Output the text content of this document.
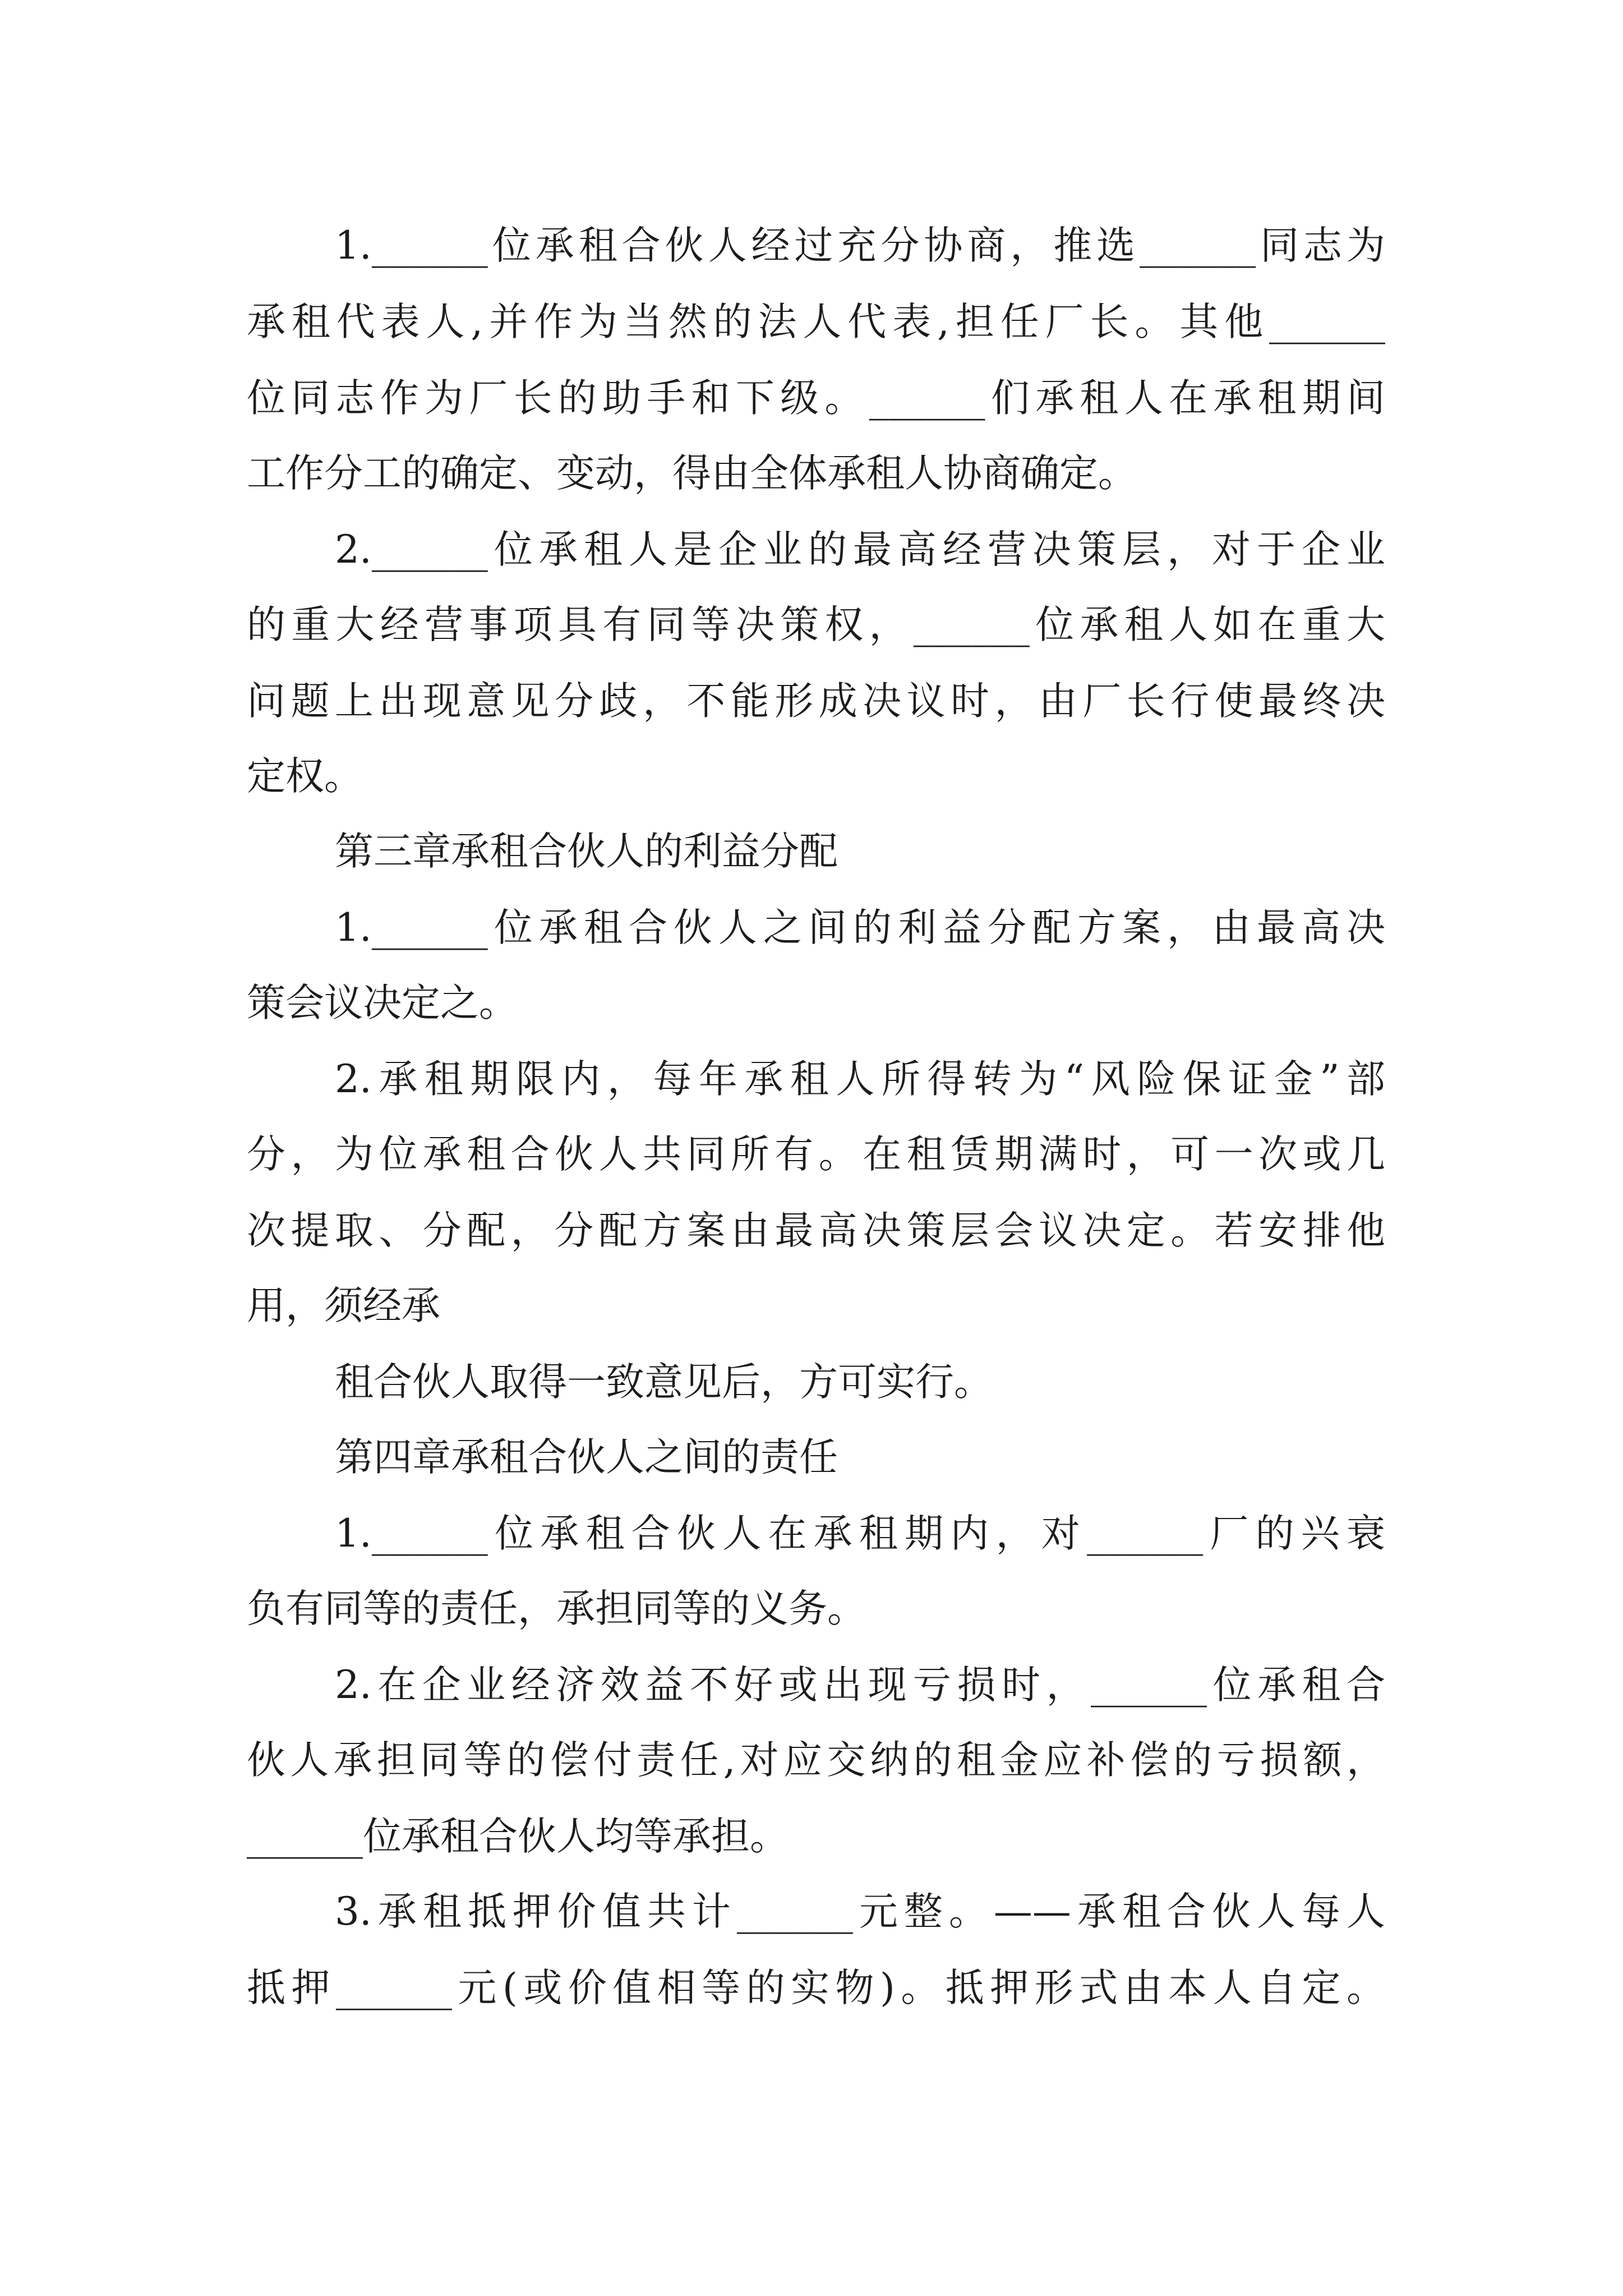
1.______位承租合伙人经过充分协商，推选______同志为

承租代表人,并作为当然的法人代表,担任厂长。其他______

位同志作为厂长的助手和下级。______们承租人在承租期间

工作分工的确定、变动，得由全体承租人协商确定。

2.______位承租人是企业的最高经营决策层，对于企业

的重大经营事项具有同等决策权，______位承租人如在重大

问题上出现意见分歧，不能形成决议时，由厂长行使最终决

定权。

第三章承租合伙人的利益分配

1.______位承租合伙人之间的利益分配方案，由最高决

策会议决定之。

2.承租期限内，每年承租人所得转为“风险保证金”部

分，为位承租合伙人共同所有。在租赁期满时，可一次或几

次提取、分配，分配方案由最高决策层会议决定。若安排他

用，须经承

租合伙人取得一致意见后，方可实行。

第四章承租合伙人之间的责任

1.______位承租合伙人在承租期内，对______厂的兴衰

负有同等的责任，承担同等的义务。

2.在企业经济效益不好或出现亏损时，______位承租合

伙人承担同等的偿付责任,对应交纳的租金应补偿的亏损额，

______位承租合伙人均等承担。

3.承租抵押价值共计______元整。——承租合伙人每人

抵押______元(或价值相等的实物)。抵押形式由本人自定。
